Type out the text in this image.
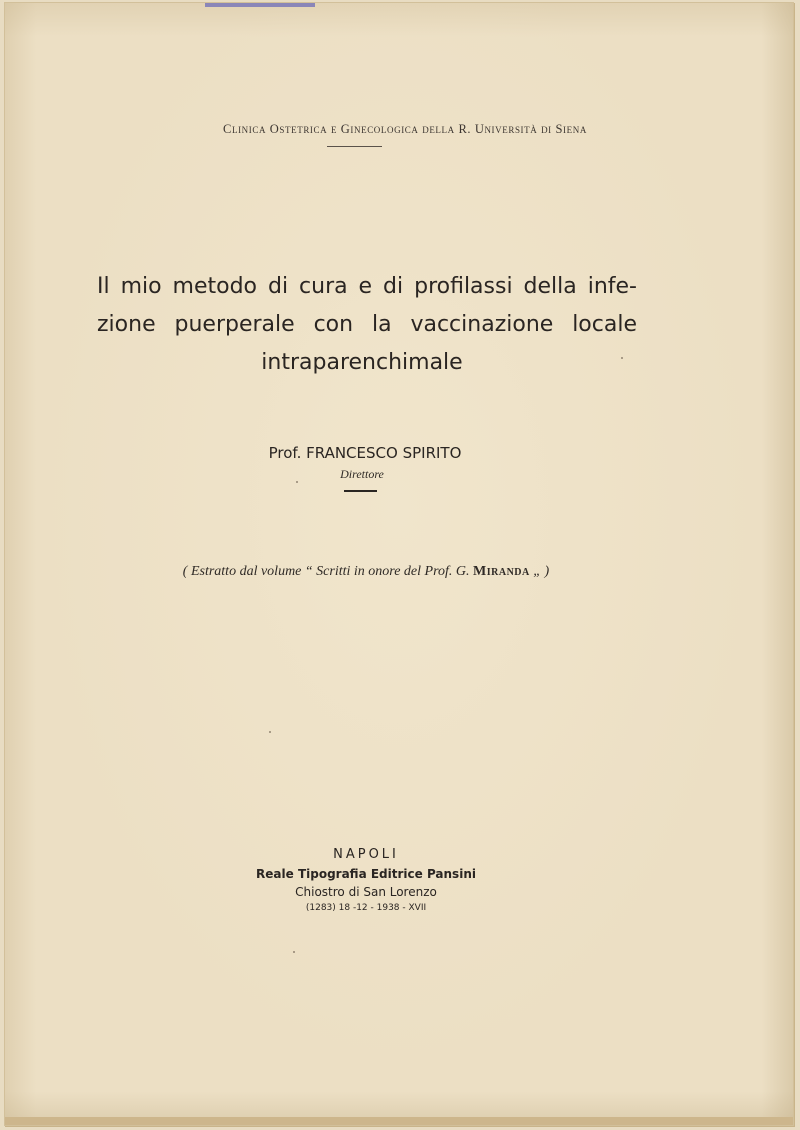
Clinica Ostetrica e Ginecologica della R. Università di Siena
Il mio metodo di cura e di profilassi della infe-
zione puerperale con la vaccinazione locale
intraparenchimale
Prof. FRANCESCO SPIRITO
Direttore
( Estratto dal volume “ Scritti in onore del Prof. G. Miranda „ )
NAPOLI
Reale Tipografia Editrice Pansini
Chiostro di San Lorenzo
(1283) 18 -12 - 1938 - XVII
